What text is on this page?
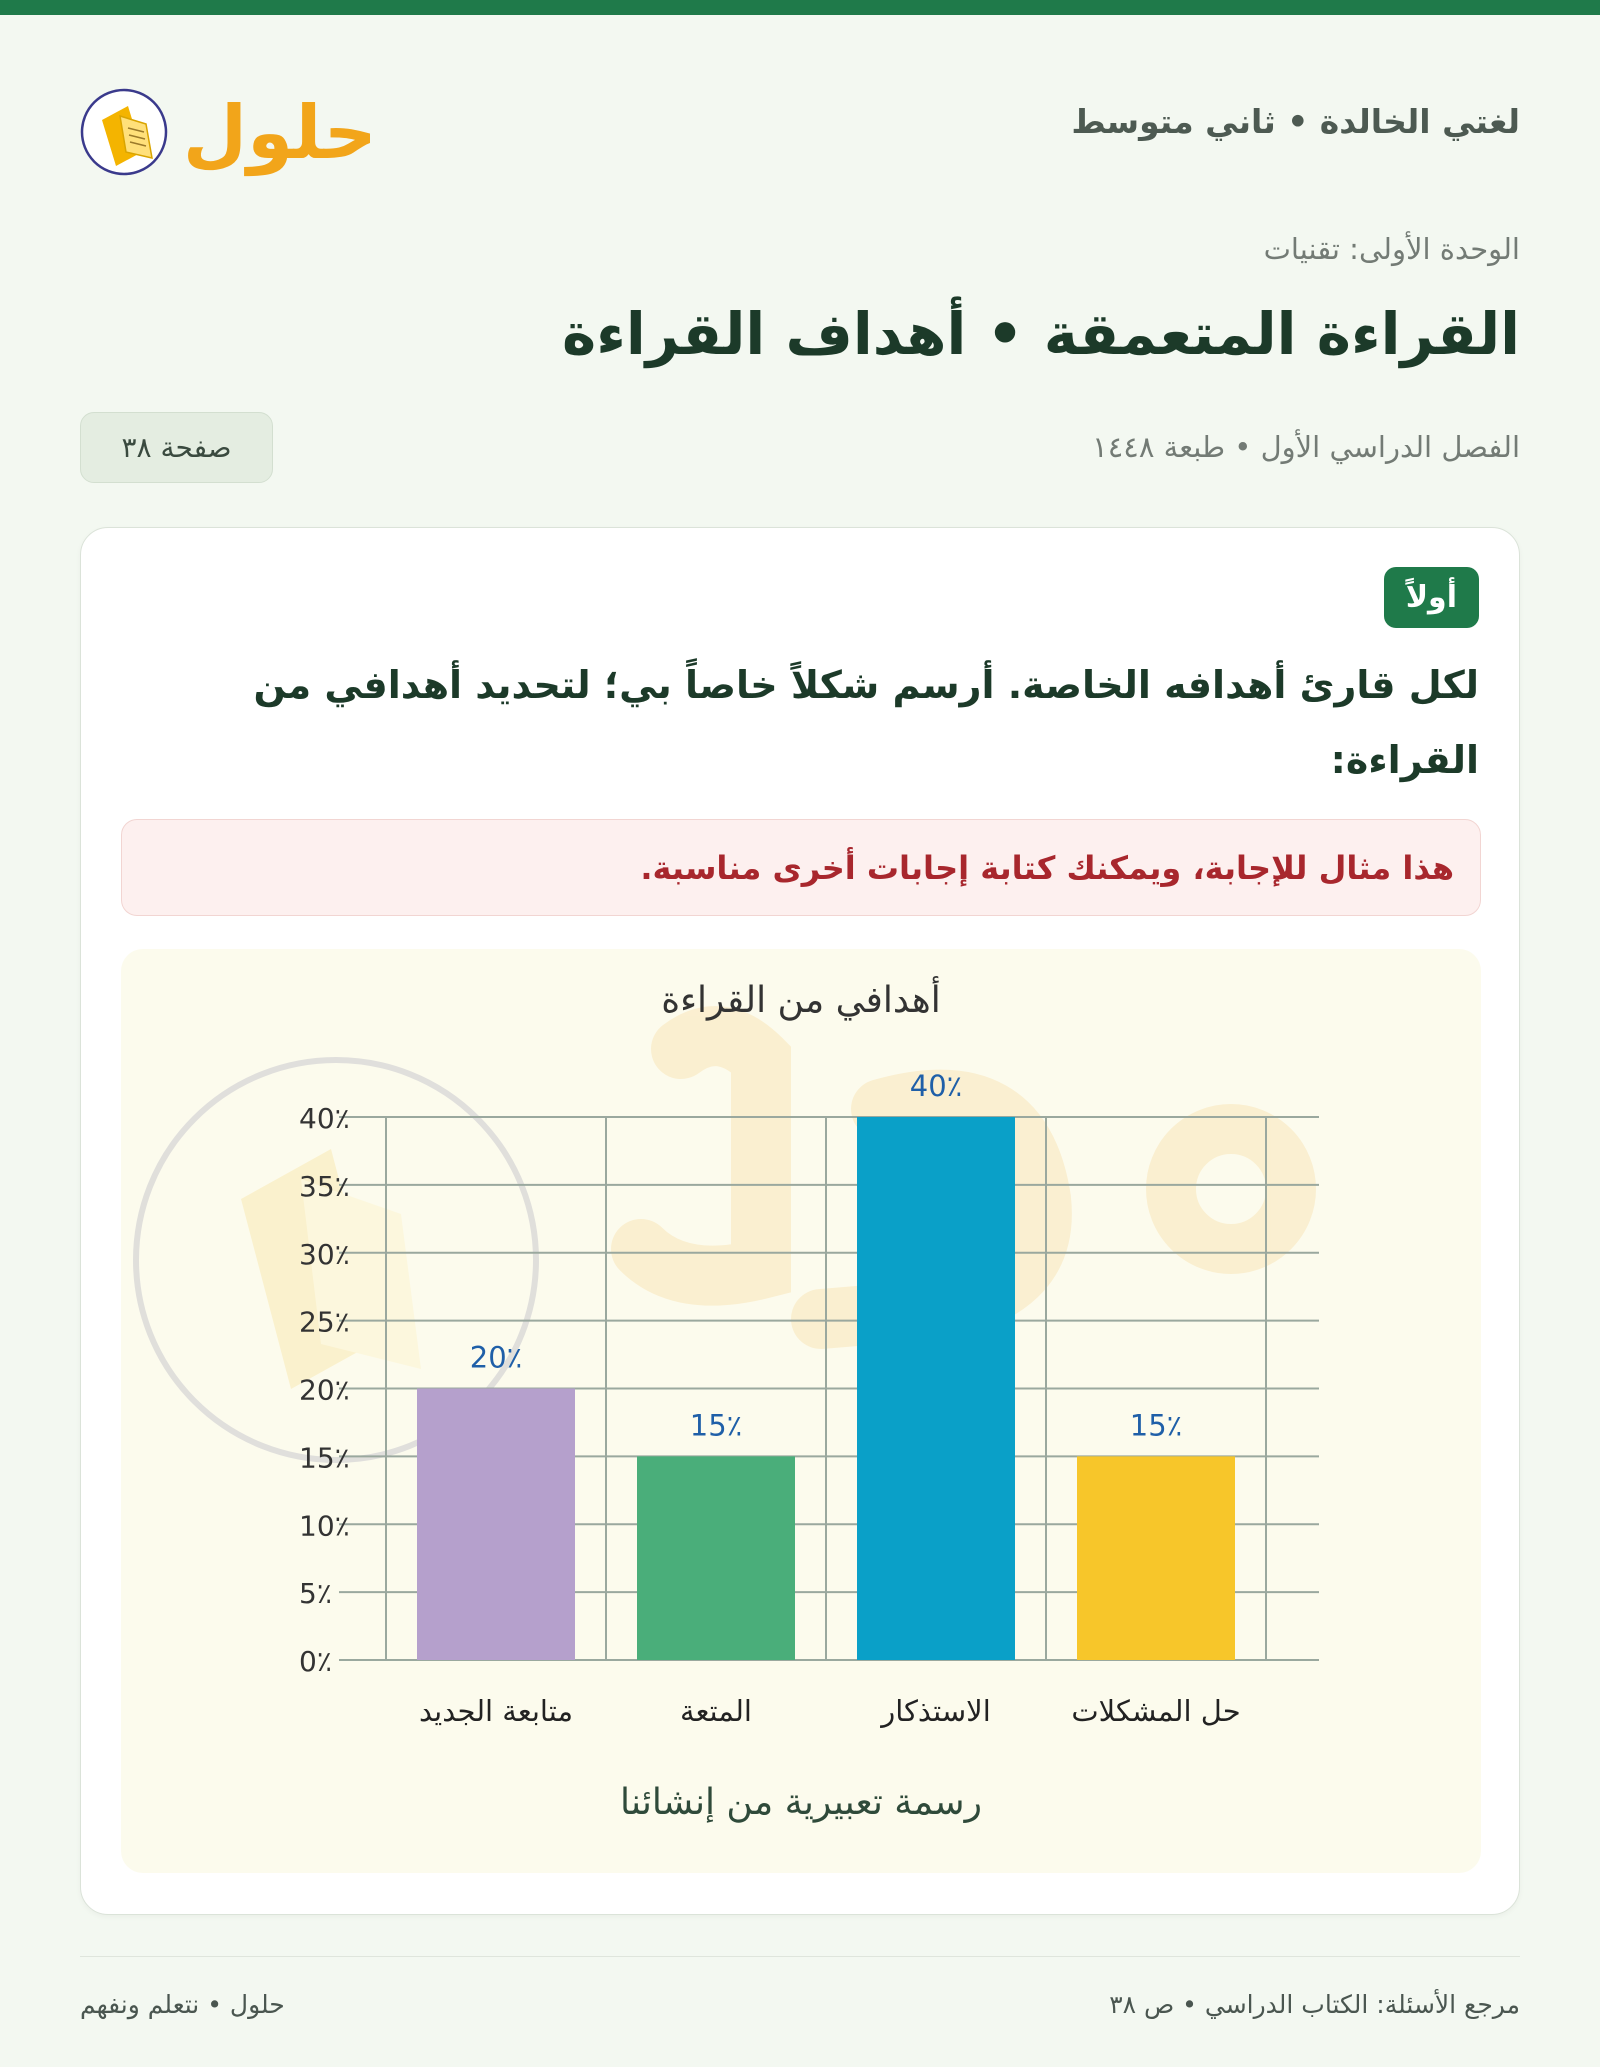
لغتي الخالدة • ثاني متوسط
حلول
الوحدة الأولى: تقنيات
القراءة المتعمقة • أهداف القراءة
الفصل الدراسي الأول • طبعة ١٤٤٨
صفحة ٣٨
أولاً
لكل قارئ أهدافه الخاصة. أرسم شكلاً خاصاً بي؛ لتحديد أهدافي من القراءة:
هذا مثال للإجابة، ويمكنك كتابة إجابات أخرى مناسبة.
أهدافي من القراءة
0٪
5٪
10٪
15٪
20٪
25٪
30٪
35٪
40٪
20٪
متابعة الجديد
15٪
المتعة
40٪
الاستذكار
15٪
حل المشكلات
رسمة تعبيرية من إنشائنا
مرجع الأسئلة: الكتاب الدراسي • ص ٣٨
حلول • نتعلم ونفهم
